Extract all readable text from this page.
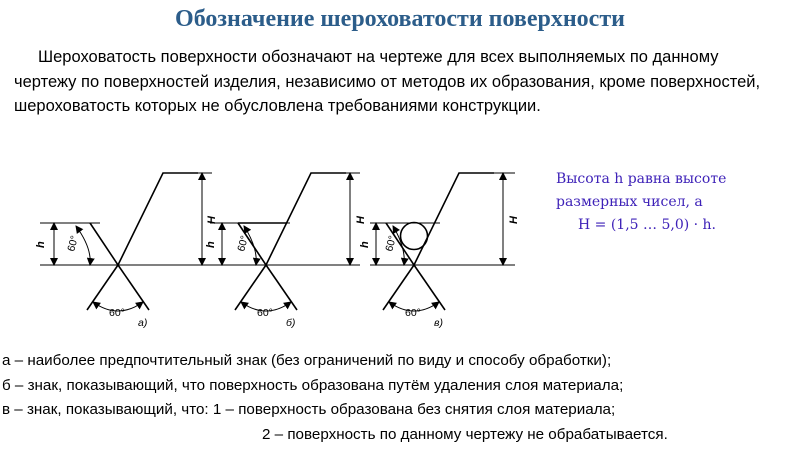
Обозначение шероховатости поверхности
Шероховатость поверхности обозначают на чертеже для всех выполняемых по данному чертежу по поверхностей изделия, независимо от методов их образования, кроме поверхностей, шероховатость которых не обусловлена требованиями конструкции.
Высота h равна высоте
размерных чисел, а
H = (1,5 … 5,0) · h.
h 60°
H
60°
а)
h 60°
H
60°
б)
h 60°
H
60°
в)
а – наиболее предпочтительный знак (без ограничений по виду и способу обработки);
б – знак, показывающий, что поверхность образована путём удаления слоя материала;
в – знак, показывающий, что: 1 – поверхность образована без снятия слоя материала;
2 – поверхность по данному чертежу не обрабатывается.
